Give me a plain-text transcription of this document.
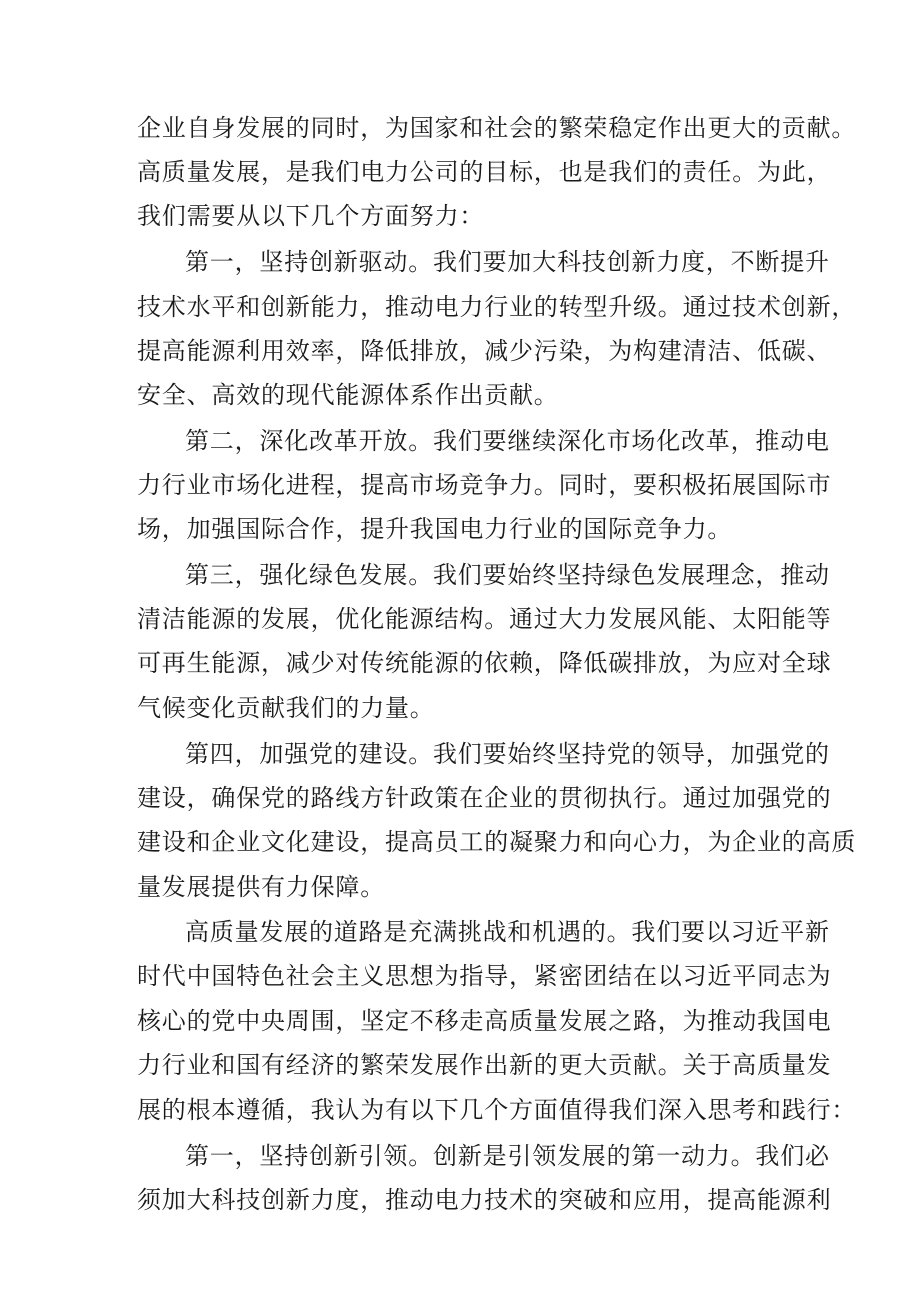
企业自身发展的同时，为国家和社会的繁荣稳定作出更大的贡献。
高质量发展，是我们电力公司的目标，也是我们的责任。为此，
我们需要从以下几个方面努力：
第一，坚持创新驱动。我们要加大科技创新力度，不断提升
技术水平和创新能力，推动电力行业的转型升级。通过技术创新，
提高能源利用效率，降低排放，减少污染，为构建清洁、低碳、
安全、高效的现代能源体系作出贡献。
第二，深化改革开放。我们要继续深化市场化改革，推动电
力行业市场化进程，提高市场竞争力。同时，要积极拓展国际市
场，加强国际合作，提升我国电力行业的国际竞争力。
第三，强化绿色发展。我们要始终坚持绿色发展理念，推动
清洁能源的发展，优化能源结构。通过大力发展风能、太阳能等
可再生能源，减少对传统能源的依赖，降低碳排放，为应对全球
气候变化贡献我们的力量。
第四，加强党的建设。我们要始终坚持党的领导，加强党的
建设，确保党的路线方针政策在企业的贯彻执行。通过加强党的
建设和企业文化建设，提高员工的凝聚力和向心力，为企业的高质
量发展提供有力保障。
高质量发展的道路是充满挑战和机遇的。我们要以习近平新
时代中国特色社会主义思想为指导，紧密团结在以习近平同志为
核心的党中央周围，坚定不移走高质量发展之路，为推动我国电
力行业和国有经济的繁荣发展作出新的更大贡献。关于高质量发
展的根本遵循，我认为有以下几个方面值得我们深入思考和践行：
第一，坚持创新引领。创新是引领发展的第一动力。我们必
须加大科技创新力度，推动电力技术的突破和应用，提高能源利
